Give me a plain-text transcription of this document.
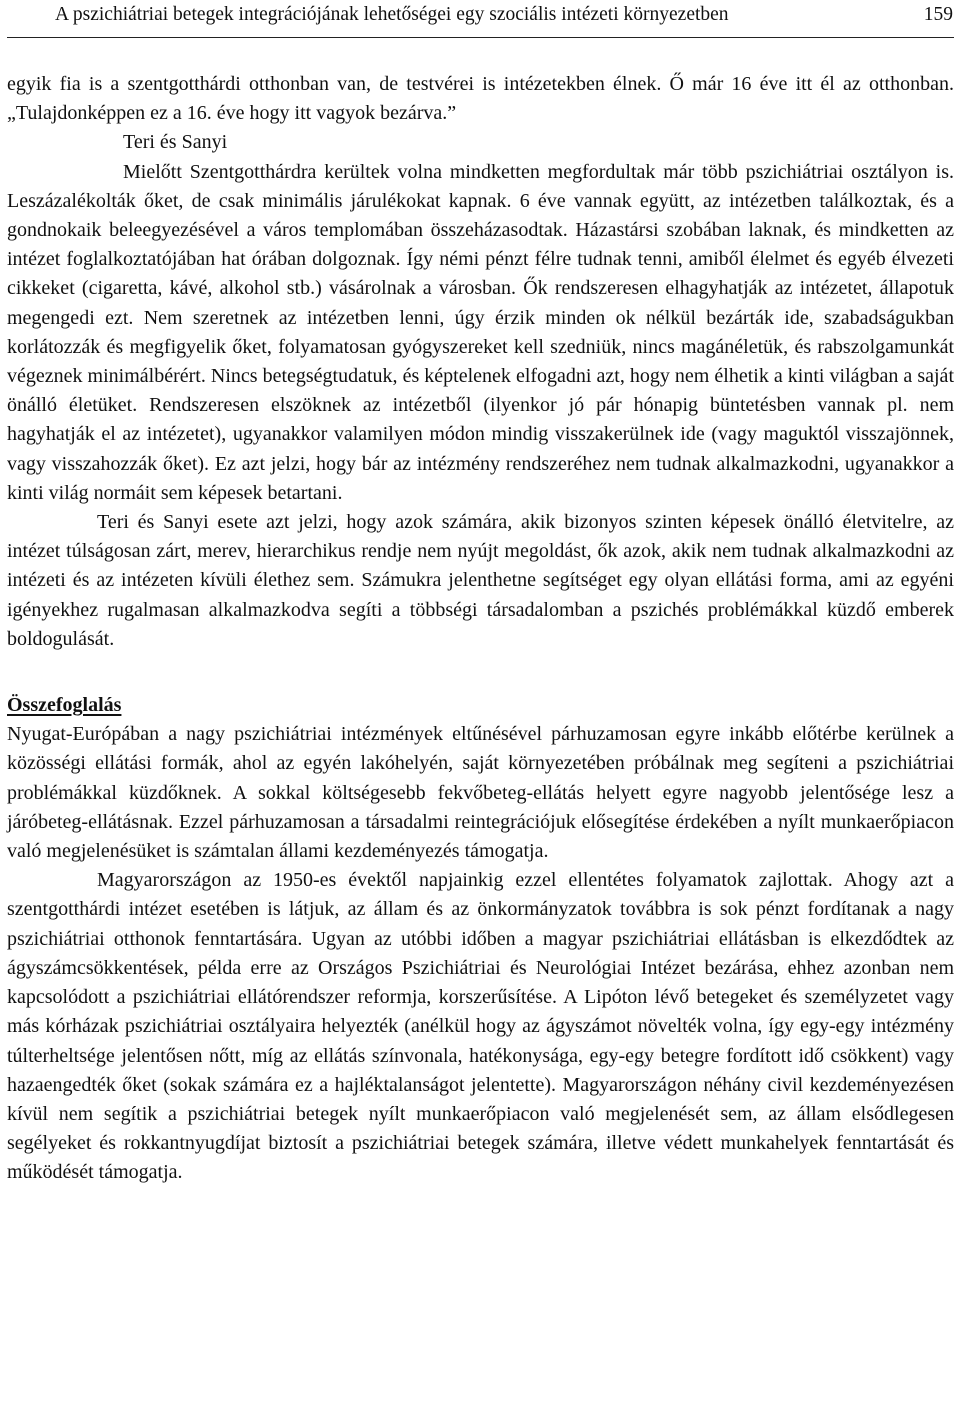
A pszichiátriai betegek integrációjának lehetőségei egy szociális intézeti környezetben	159

egyik fia is a szentgotthárdi otthonban van, de testvérei is intézetekben élnek. Ő már 16 éve itt él az otthonban. „Tulajdonképpen ez a 16. éve hogy itt vagyok bezárva.”

Teri és Sanyi

Mielőtt Szentgotthárdra kerültek volna mindketten megfordultak már több pszichiátriai osztályon is. Leszázalékolták őket, de csak minimális járulékokat kapnak. 6 éve vannak együtt, az intézetben találkoztak, és a gondnokaik beleegyezésével a város templomában összeházasodtak. Házastársi szobában laknak, és mindketten az intézet foglalkoztatójában hat órában dolgoznak. Így némi pénzt félre tudnak tenni, amiből élelmet és egyéb élvezeti cikkeket (cigaretta, kávé, alkohol stb.) vásárolnak a városban. Ők rendszeresen elhagyhatják az intézetet, állapotuk megengedi ezt. Nem szeretnek az intézetben lenni, úgy érzik minden ok nélkül bezárták ide, szabadságukban korlátozzák és megfigyelik őket, folyamatosan gyógyszereket kell szedniük, nincs magánéletük, és rabszolgamunkát végeznek minimálbérért. Nincs betegségtudatuk, és képtelenek elfogadni azt, hogy nem élhetik a kinti világban a saját önálló életüket. Rendszeresen elszöknek az intézetből (ilyenkor jó pár hónapig büntetésben vannak pl. nem hagyhatják el az intézetet), ugyanakkor valamilyen módon mindig visszakerülnek ide (vagy maguktól visszajönnek, vagy visszahozzák őket). Ez azt jelzi, hogy bár az intézmény rendszeréhez nem tudnak alkalmazkodni, ugyanakkor a kinti világ normáit sem képesek betartani.

Teri és Sanyi esete azt jelzi, hogy azok számára, akik bizonyos szinten képesek önálló életvitelre, az intézet túlságosan zárt, merev, hierarchikus rendje nem nyújt megoldást, ők azok, akik nem tudnak alkalmazkodni az intézeti és az intézeten kívüli élethez sem. Számukra jelenthetne segítséget egy olyan ellátási forma, ami az egyéni igényekhez rugalmasan alkalmazkodva segíti a többségi társadalomban a pszichés problémákkal küzdő emberek boldogulását.

Összefoglalás

Nyugat-Európában a nagy pszichiátriai intézmények eltűnésével párhuzamosan egyre inkább előtérbe kerülnek a közösségi ellátási formák, ahol az egyén lakóhelyén, saját környezetében próbálnak meg segíteni a pszichiátriai problémákkal küzdőknek. A sokkal költségesebb fekvőbeteg-ellátás helyett egyre nagyobb jelentősége lesz a járóbeteg-ellátásnak. Ezzel párhuzamosan a társadalmi reintegrációjuk elősegítése érdekében a nyílt munkaerőpiacon való megjelenésüket is számtalan állami kezdeményezés támogatja.

Magyarországon az 1950-es évektől napjainkig ezzel ellentétes folyamatok zajlottak. Ahogy azt a szentgotthárdi intézet esetében is látjuk, az állam és az önkormányzatok továbbra is sok pénzt fordítanak a nagy pszichiátriai otthonok fenntartására. Ugyan az utóbbi időben a magyar pszichiátriai ellátásban is elkezdődtek az ágyszámcsökkentések, példa erre az Országos Pszichiátriai és Neurológiai Intézet bezárása, ehhez azonban nem kapcsolódott a pszichiátriai ellátórendszer reformja, korszerűsítése. A Lipóton lévő betegeket és személyzetet vagy más kórházak pszichiátriai osztályaira helyezték (anélkül hogy az ágyszámot növelték volna, így egy-egy intézmény túlterheltsége jelentősen nőtt, míg az ellátás színvonala, hatékonysága, egy-egy betegre fordított idő csökkent) vagy hazaengedték őket (sokak számára ez a hajléktalanságot jelentette). Magyarországon néhány civil kezdeményezésen kívül nem segítik a pszichiátriai betegek nyílt munkaerőpiacon való megjelenését sem, az állam elsődlegesen segélyeket és rokkantnyugdíjat biztosít a pszichiátriai betegek számára, illetve védett munkahelyek fenntartását és működését támogatja.
